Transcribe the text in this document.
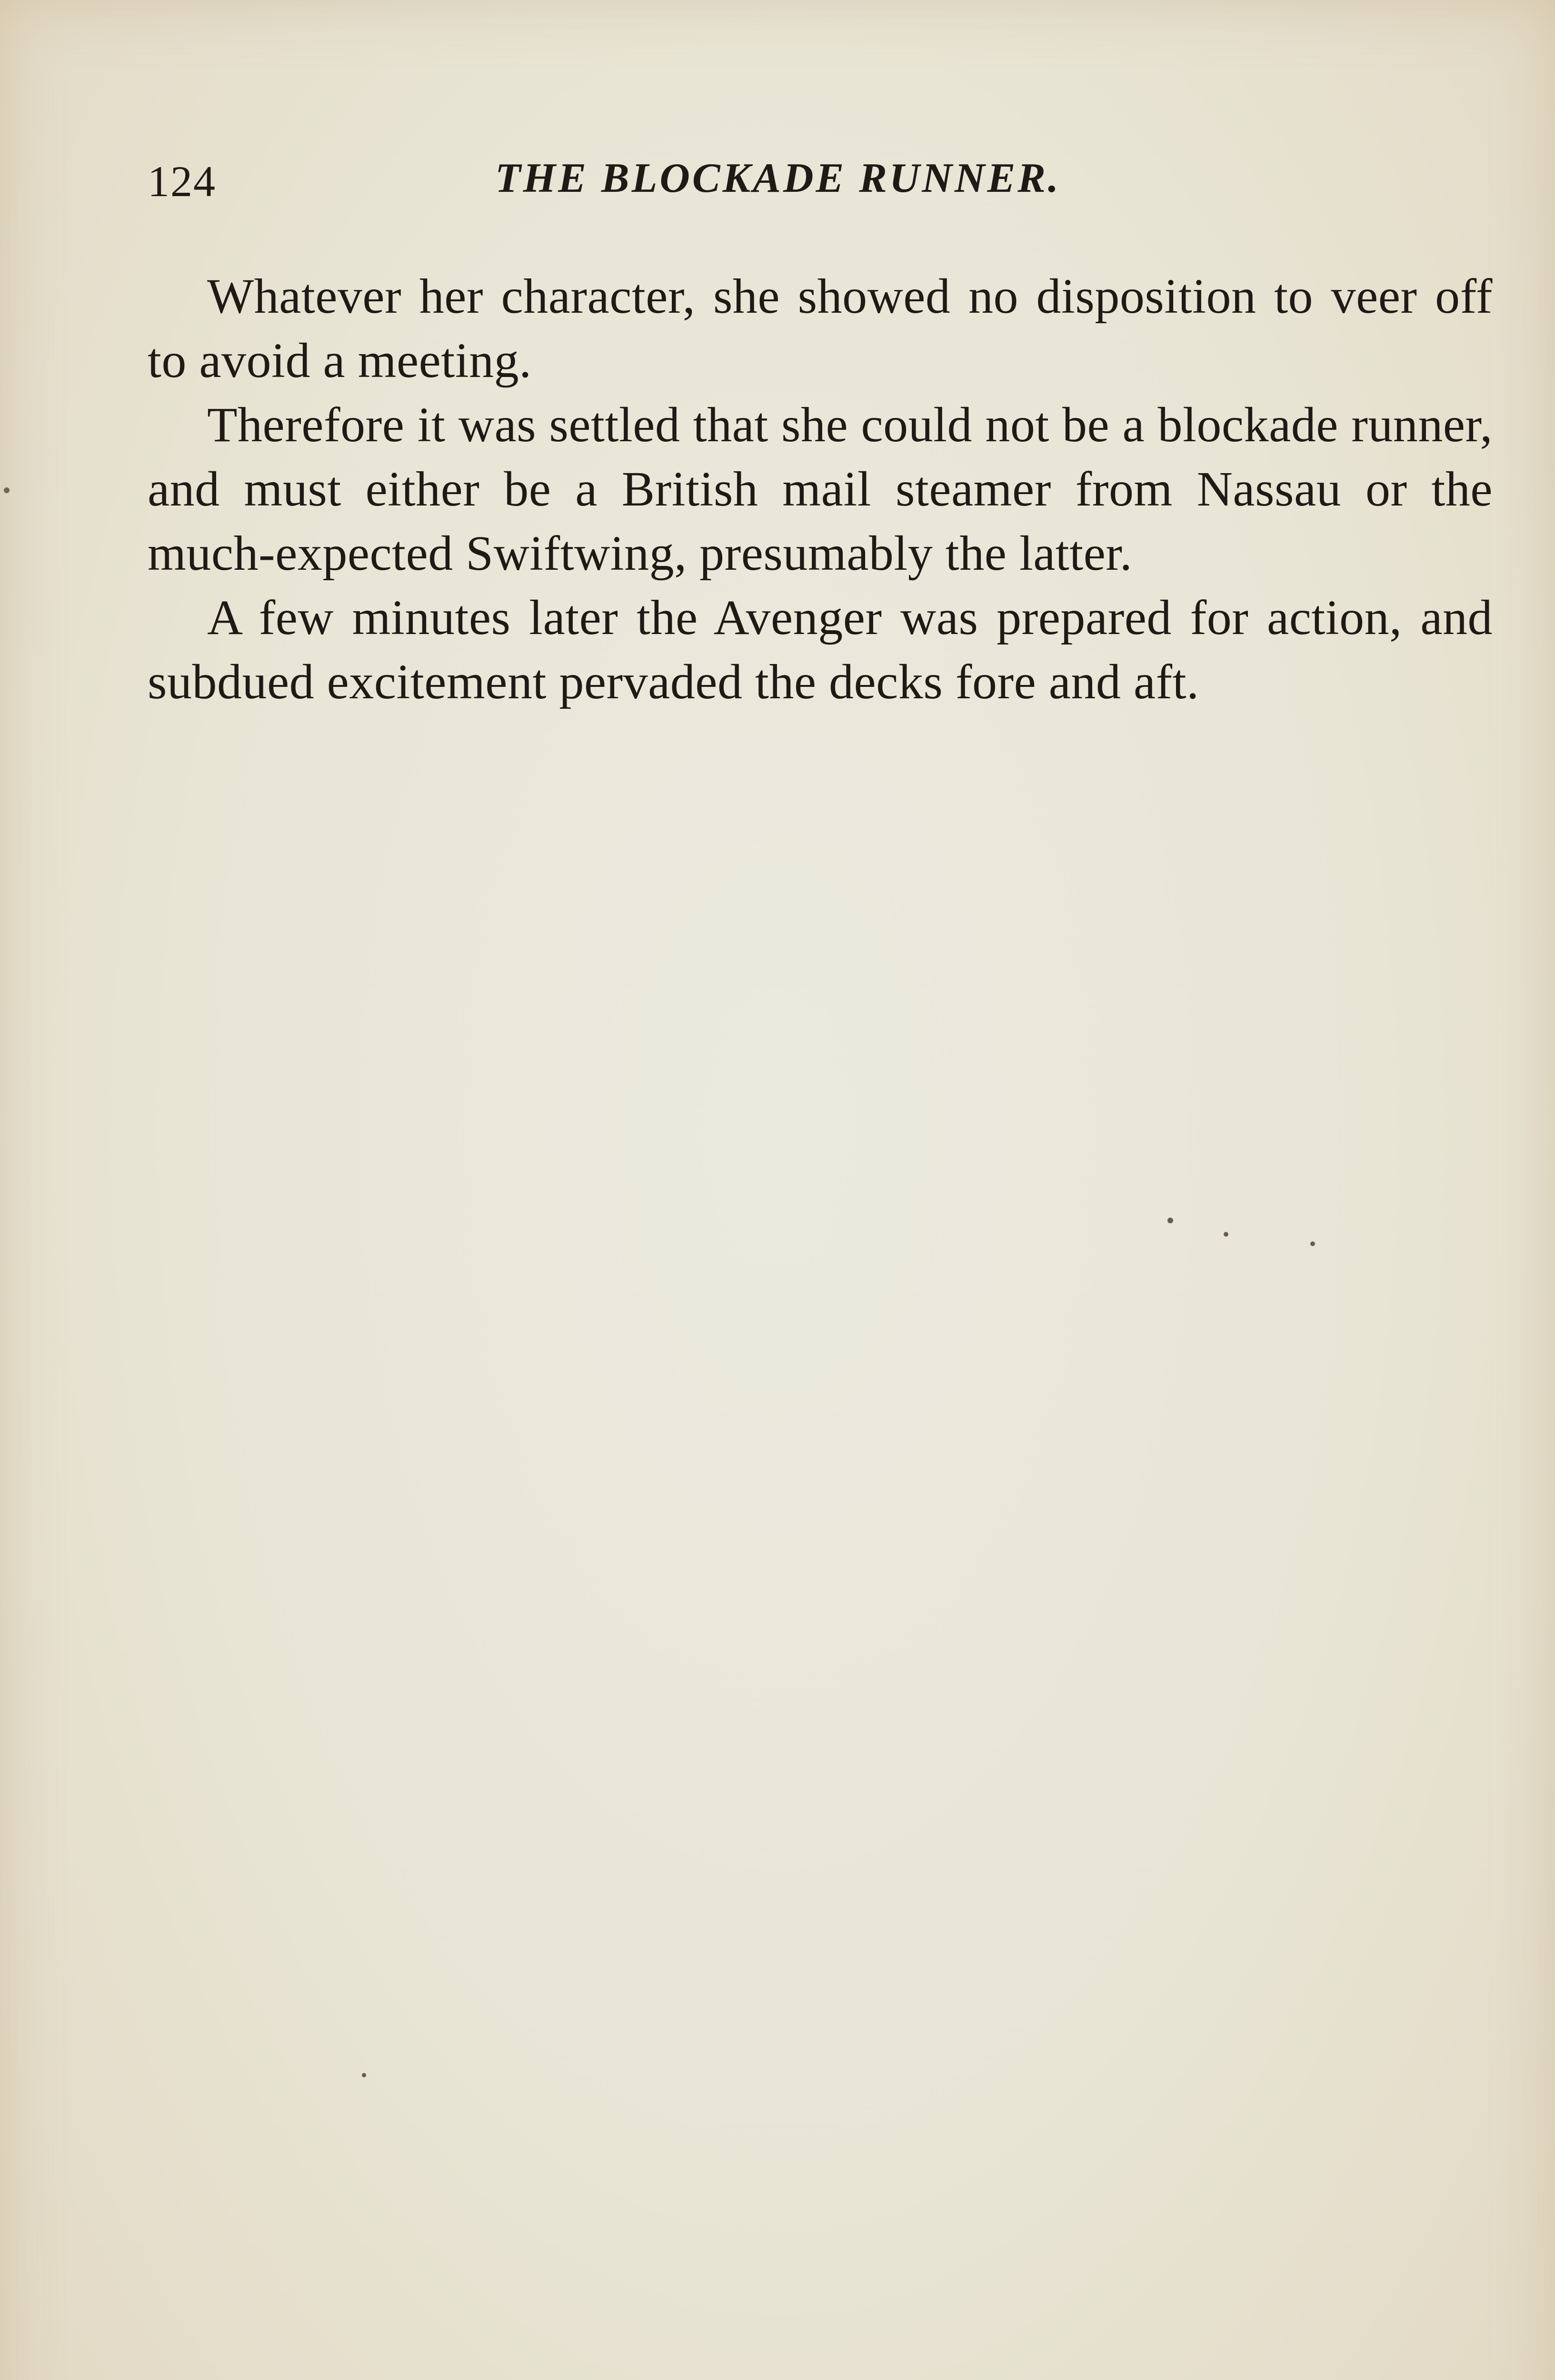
124	THE BLOCKADE RUNNER.

Whatever her character, she showed no disposition to veer off to avoid a meeting.

Therefore it was settled that she could not be a blockade runner, and must either be a British mail steamer from Nassau or the much-expected Swiftwing, presumably the latter.

A few minutes later the Avenger was prepared for action, and subdued excitement pervaded the decks fore and aft.
